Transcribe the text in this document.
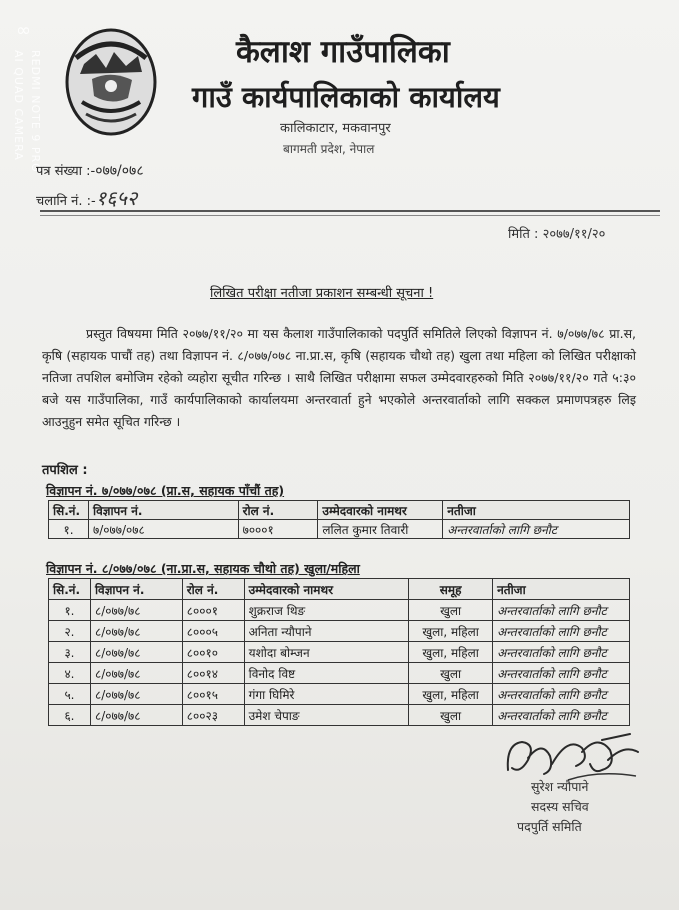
∞
REDMI NOTE 9 PRO
AI QUAD CAMERA	कैलाश गाउँपालिका
गाउँ कार्यपालिकाको कार्यालय
कालिकाटार, मकवानपुर
बागमती प्रदेश, नेपाल
पत्र संख्या :-०७७/०७८
चलानि नं. :-१६५२
मिति : २०७७/११/२०
लिखित परीक्षा नतीजा प्रकाशन सम्बन्धी सूचना !
प्रस्तुत विषयमा मिति २०७७/११/२० मा यस कैलाश गाउँपालिकाको पदपुर्ति समितिले लिएको विज्ञापन नं. ७/०७७/७८ प्रा.स, कृषि (सहायक पाचौं तह) तथा विज्ञापन नं. ८/०७७/०७८ ना.प्रा.स, कृषि (सहायक चौथो तह) खुला तथा महिला को लिखित परीक्षाको नतिजा तपशिल बमोजिम रहेको व्यहोरा सूचीत गरिन्छ । साथै लिखित परीक्षामा सफल उम्मेदवारहरुको मिति २०७७/११/२० गते ५:३० बजे यस गाउँपालिका, गाउँ कार्यपालिकाको कार्यालयमा अन्तरवार्ता हुने भएकोले अन्तरवार्ताको लागि सक्कल प्रमाणपत्रहरु लिइ आउनुहुन समेत सूचित गरिन्छ ।
तपशिल :
विज्ञापन नं. ७/०७७/०७८ (प्रा.स, सहायक पाँचौं तह)
सि.नं.	विज्ञापन नं.	रोल नं.	उम्मेदवारको नामथर	नतीजा
१.	७/०७७/०७८	७०००१	ललित कुमार तिवारी	अन्तरवार्ताको लागि छनौट
विज्ञापन नं. ८/०७७/०७८ (ना.प्रा.स, सहायक चौथो तह) खुला/महिला
सि.नं.	विज्ञापन नं.	रोल नं.	उम्मेदवारको नामथर	समूह	नतीजा
१.	८/०७७/७८	८०००१	शुक्रराज थिङ	खुला	अन्तरवार्ताको लागि छनौट
२.	८/०७७/७८	८०००५	अनिता न्यौपाने	खुला, महिला	अन्तरवार्ताको लागि छनौट
३.	८/०७७/७८	८००१०	यशोदा बोम्जन	खुला, महिला	अन्तरवार्ताको लागि छनौट
४.	८/०७७/७८	८००१४	विनोद विष्ट	खुला	अन्तरवार्ताको लागि छनौट
५.	८/०७७/७८	८००१५	गंगा घिमिरे	खुला, महिला	अन्तरवार्ताको लागि छनौट
६.	८/०७७/७८	८००२३	उमेश चेपाङ	खुला	अन्तरवार्ताको लागि छनौट
सुरेश न्यौपाने
सदस्य सचिव
पदपुर्ति समिति
